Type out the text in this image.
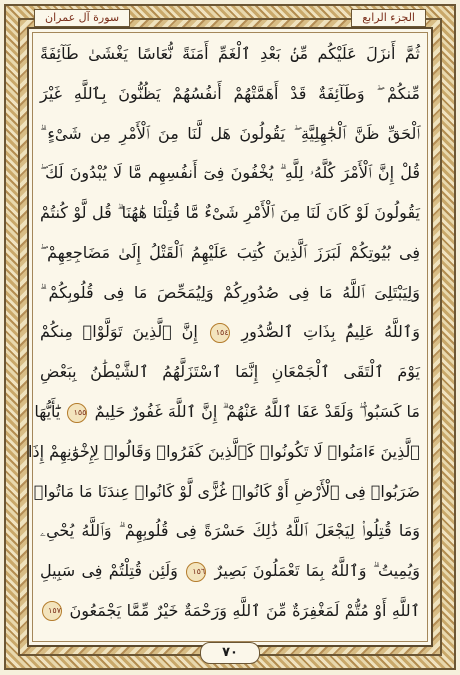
الجزء الرابع
سورة آل عمران
ثُمَّ أَنزَلَ عَلَيْكُم مِّنۢ بَعْدِ ٱلْغَمِّ أَمَنَةً نُّعَاسًا يَغْشَىٰ طَآئِفَةً
مِّنكُمْ ۖ وَطَآئِفَةٌ قَدْ أَهَمَّتْهُمْ أَنفُسُهُمْ يَظُنُّونَ بِٱللَّهِ غَيْرَ
ٱلْحَقِّ ظَنَّ ٱلْجَٰهِلِيَّةِ ۖ يَقُولُونَ هَل لَّنَا مِنَ ٱلْأَمْرِ مِن شَىْءٍ ۗ
قُلْ إِنَّ ٱلْأَمْرَ كُلَّهُۥ لِلَّهِ ۗ يُخْفُونَ فِىٓ أَنفُسِهِم مَّا لَا يُبْدُونَ لَكَ ۖ
يَقُولُونَ لَوْ كَانَ لَنَا مِنَ ٱلْأَمْرِ شَىْءٌ مَّا قُتِلْنَا هَٰهُنَا ۗ قُل لَّوْ كُنتُمْ
فِى بُيُوتِكُمْ لَبَرَزَ ٱلَّذِينَ كُتِبَ عَلَيْهِمُ ٱلْقَتْلُ إِلَىٰ مَضَاجِعِهِمْ ۖ
وَلِيَبْتَلِىَ ٱللَّهُ مَا فِى صُدُورِكُمْ وَلِيُمَحِّصَ مَا فِى قُلُوبِكُمْ ۗ
وَٱللَّهُ عَلِيمٌۢ بِذَاتِ ٱلصُّدُورِ ١٥٤ إِنَّ ٱلَّذِينَ تَوَلَّوْا۟ مِنكُمْ
يَوْمَ ٱلْتَقَى ٱلْجَمْعَانِ إِنَّمَا ٱسْتَزَلَّهُمُ ٱلشَّيْطَٰنُ بِبَعْضِ
مَا كَسَبُوا۟ ۖ وَلَقَدْ عَفَا ٱللَّهُ عَنْهُمْ ۗ إِنَّ ٱللَّهَ غَفُورٌ حَلِيمٌ ١٥٥ يَٰٓأَيُّهَا
ٱلَّذِينَ ءَامَنُوا۟ لَا تَكُونُوا۟ كَٱلَّذِينَ كَفَرُوا۟ وَقَالُوا۟ لِإِخْوَٰنِهِمْ إِذَا
ضَرَبُوا۟ فِى ٱلْأَرْضِ أَوْ كَانُوا۟ غُزًّى لَّوْ كَانُوا۟ عِندَنَا مَا مَاتُوا۟
وَمَا قُتِلُوا۟ لِيَجْعَلَ ٱللَّهُ ذَٰلِكَ حَسْرَةً فِى قُلُوبِهِمْ ۗ وَٱللَّهُ يُحْىِۦ
وَيُمِيتُ ۗ وَٱللَّهُ بِمَا تَعْمَلُونَ بَصِيرٌ ١٥٦ وَلَئِن قُتِلْتُمْ فِى سَبِيلِ
ٱللَّهِ أَوْ مُتُّمْ لَمَغْفِرَةٌ مِّنَ ٱللَّهِ وَرَحْمَةٌ خَيْرٌ مِّمَّا يَجْمَعُونَ ١٥٧
٧٠
